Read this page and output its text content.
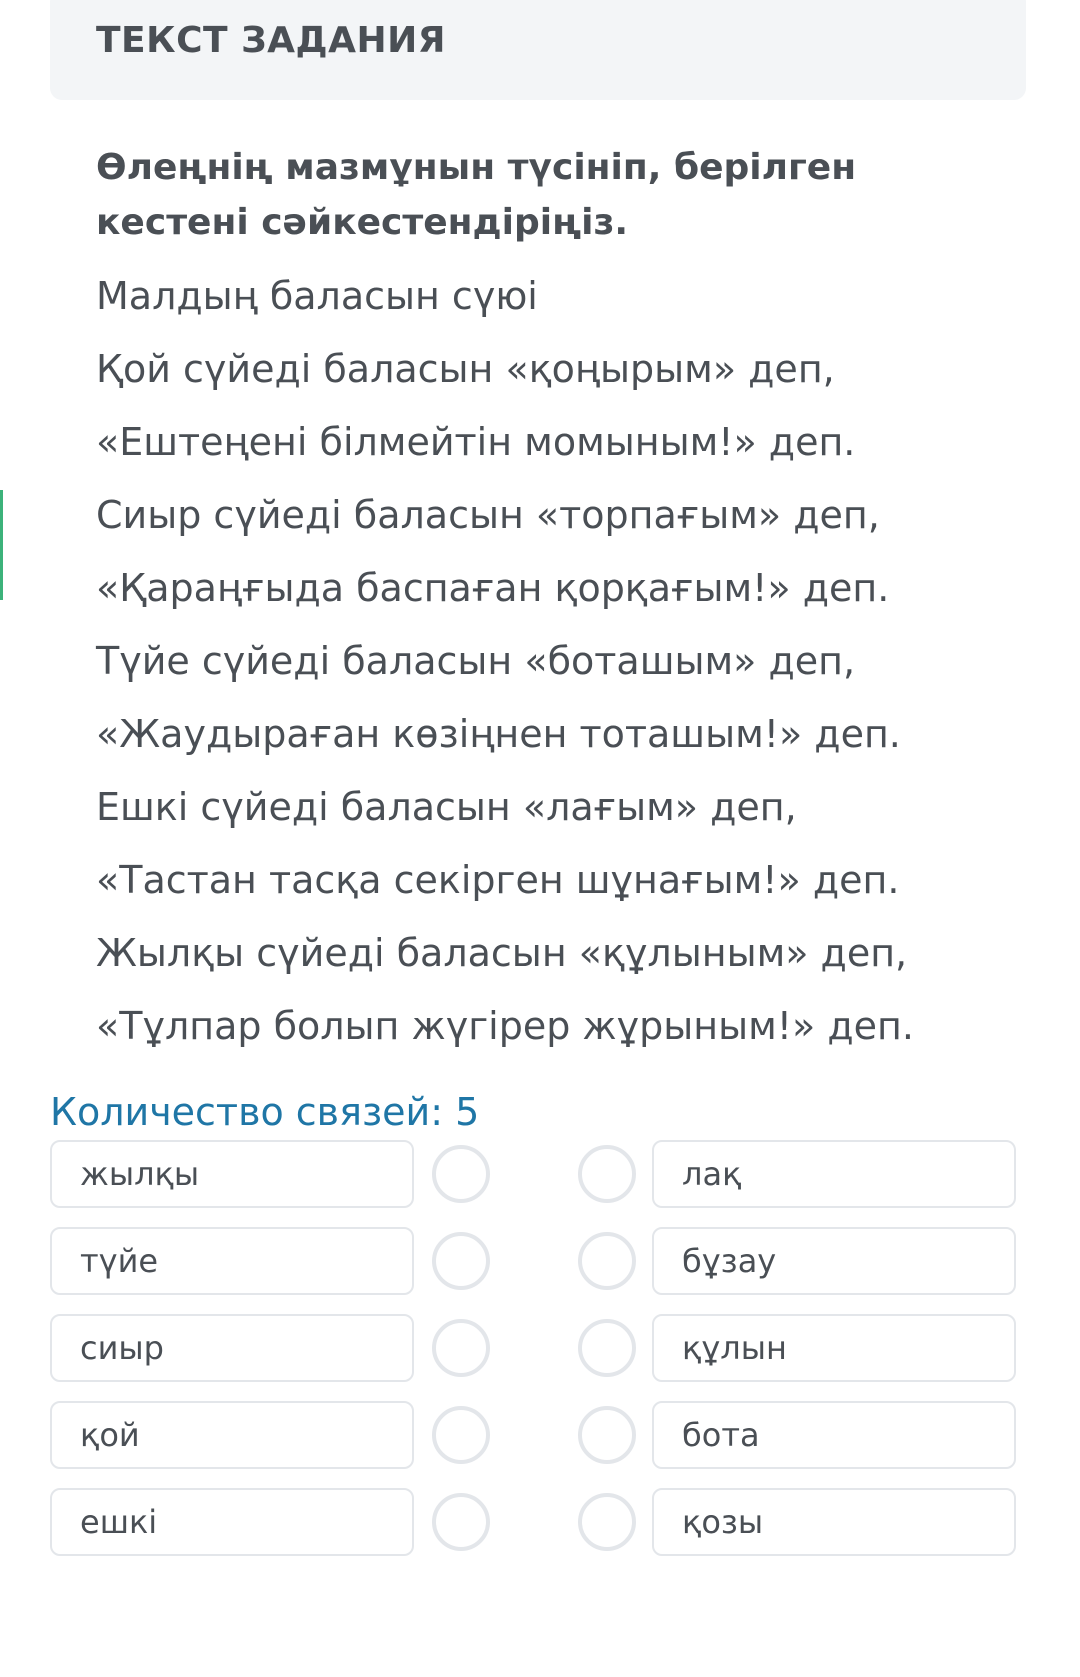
ТЕКСТ ЗАДАНИЯ
Өлеңнің мазмұнын түсініп, берілген кестені сәйкестендіріңіз.
Малдың баласын сүюі
Қой сүйеді баласын «қоңырым» деп,
«Ештеңені білмейтін момыным!» деп.
Сиыр сүйеді баласын «торпағым» деп,
«Қараңғыда баспаған қорқағым!» деп.
Түйе сүйеді баласын «боташым» деп,
«Жаудыраған көзіңнен тоташым!» деп.
Ешкі сүйеді баласын «лағым» деп,
«Тастан тасқа секірген шұнағым!» деп.
Жылқы сүйеді баласын «құлыным» деп,
«Тұлпар болып жүгірер жұрыным!» деп.
Количество связей: 5
жылқы	лақ
түйе	бұзау
сиыр	құлын
қой	бота
ешкі	қозы
